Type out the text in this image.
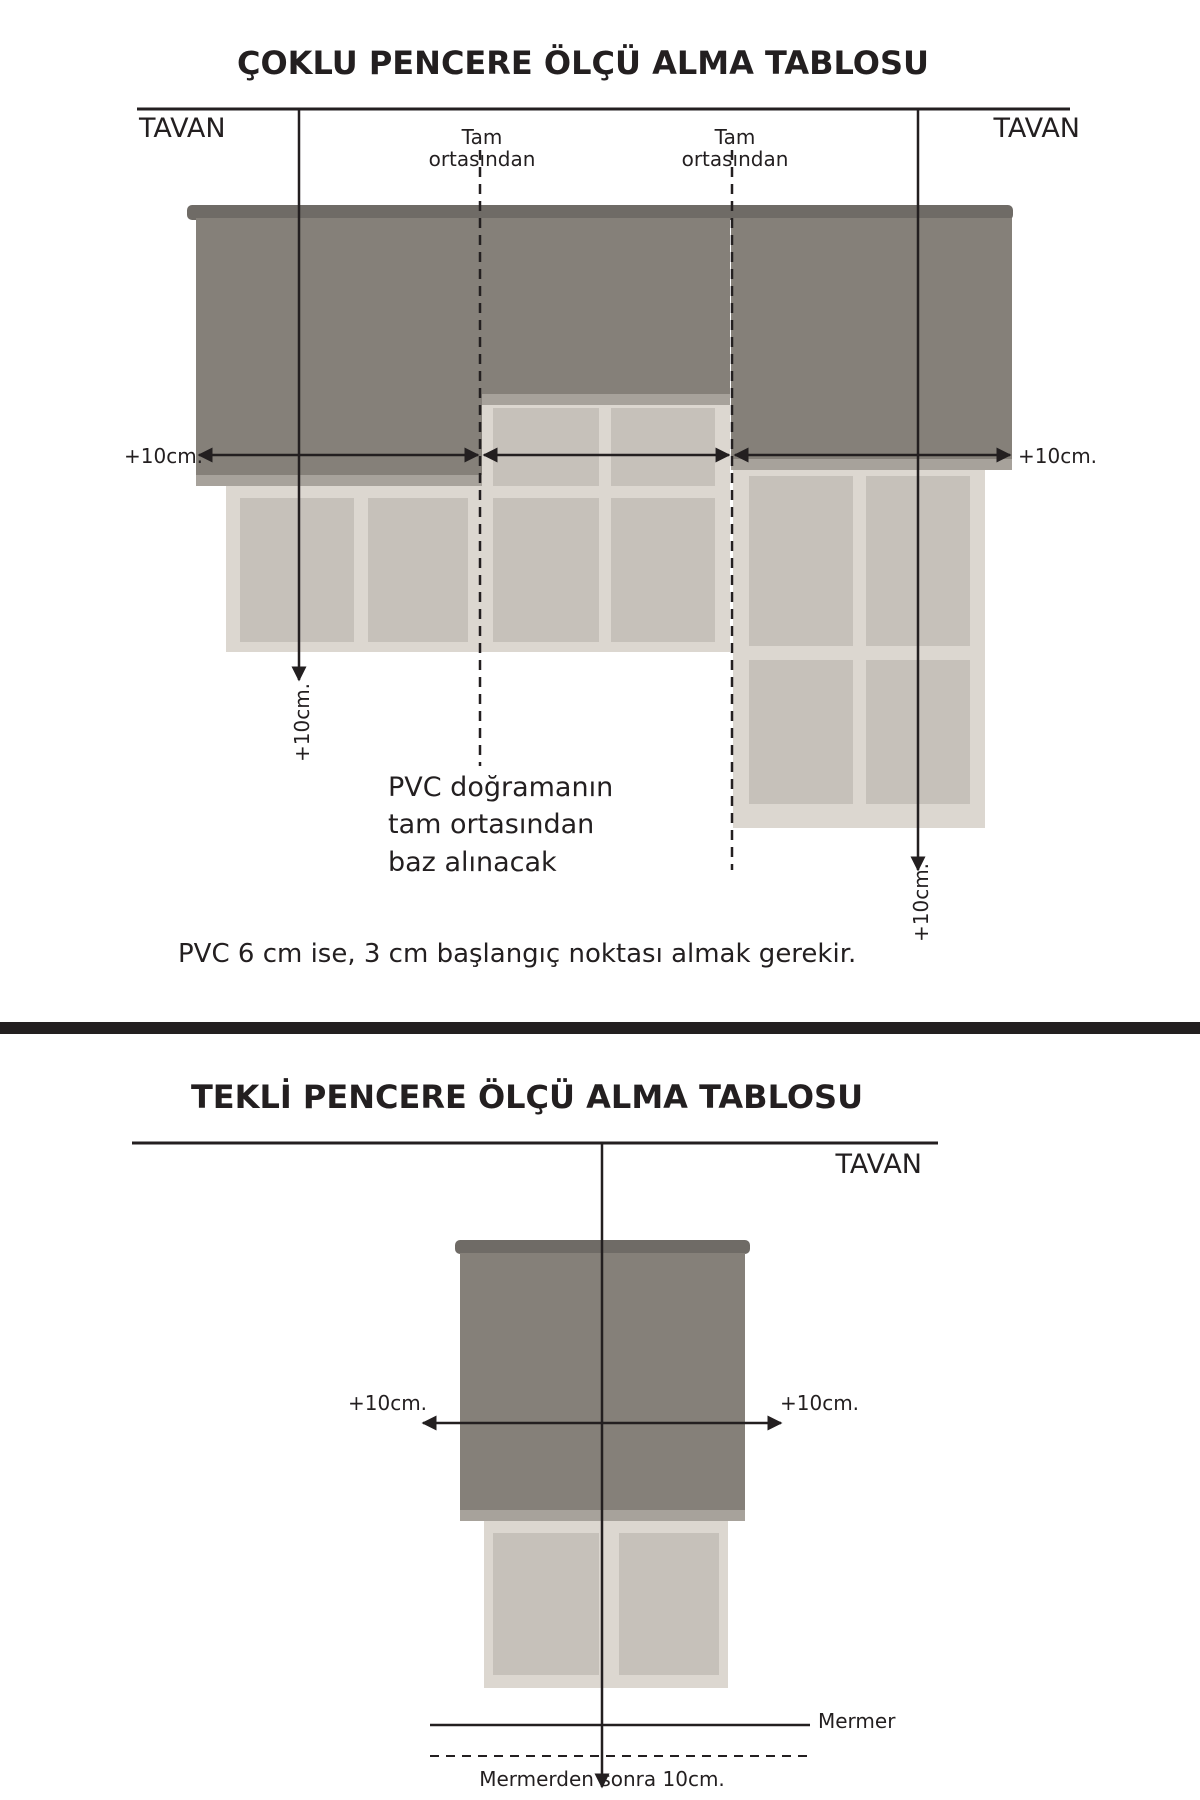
ÇOKLU PENCERE ÖLÇÜ ALMA TABLOSU
TAVAN	TAVAN
Tam
ortasından
Tam
ortasından
+10cm.
+10cm.
+10cm.	+10cm.
PVC doğramanın
tam ortasından
baz alınacak
PVC 6 cm ise, 3 cm başlangıç noktası almak gerekir.
TEKLİ PENCERE ÖLÇÜ ALMA TABLOSU
TAVAN
+10cm.	+10cm.
Mermer
Mermerden sonra 10cm.
